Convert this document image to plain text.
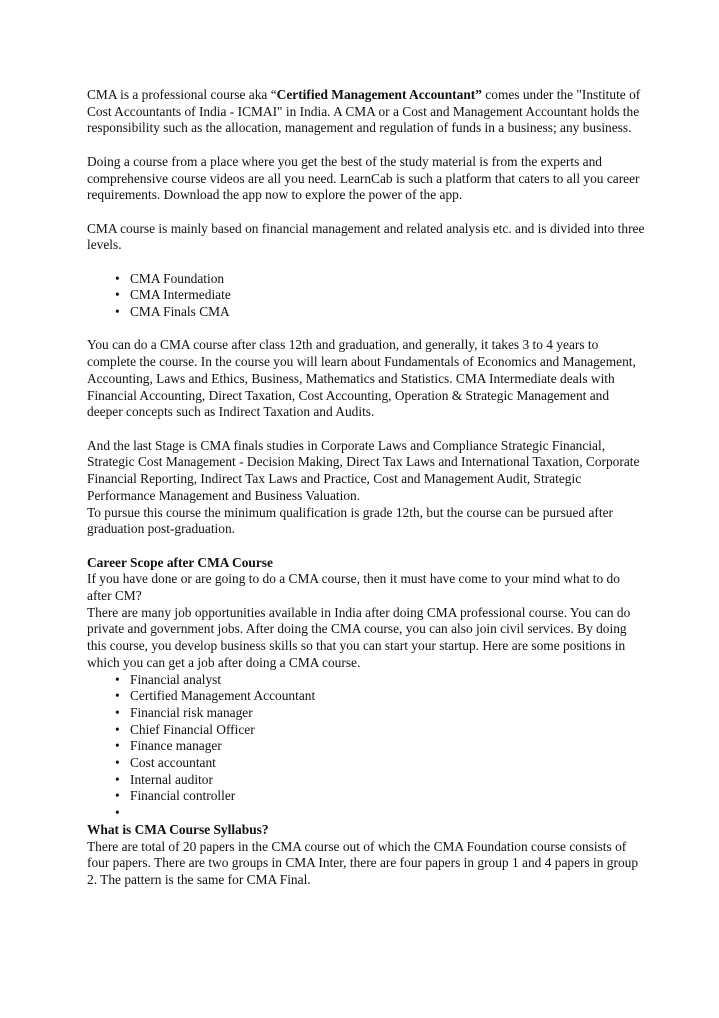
CMA is a professional course aka “Certified Management Accountant” comes under the "Institute of Cost Accountants of India - ICMAI" in India. A CMA or a Cost and Management Accountant holds the responsibility such as the allocation, management and regulation of funds in a business; any business.

Doing a course from a place where you get the best of the study material is from the experts and comprehensive course videos are all you need. LearnCab is such a platform that caters to all you career requirements. Download the app now to explore the power of the app.

CMA course is mainly based on financial management and related analysis etc. and is divided into three levels.

• CMA Foundation
• CMA Intermediate
• CMA Finals CMA

You can do a CMA course after class 12th and graduation, and generally, it takes 3 to 4 years to complete the course. In the course you will learn about Fundamentals of Economics and Management, Accounting, Laws and Ethics, Business, Mathematics and Statistics. CMA Intermediate deals with Financial Accounting, Direct Taxation, Cost Accounting, Operation & Strategic Management and deeper concepts such as Indirect Taxation and Audits.

And the last Stage is CMA finals studies in Corporate Laws and Compliance Strategic Financial, Strategic Cost Management - Decision Making, Direct Tax Laws and International Taxation, Corporate Financial Reporting, Indirect Tax Laws and Practice, Cost and Management Audit, Strategic Performance Management and Business Valuation.

To pursue this course the minimum qualification is grade 12th, but the course can be pursued after graduation post-graduation.

Career Scope after CMA Course

If you have done or are going to do a CMA course, then it must have come to your mind what to do after CM?

There are many job opportunities available in India after doing CMA professional course. You can do private and government jobs. After doing the CMA course, you can also join civil services. By doing this course, you develop business skills so that you can start your startup. Here are some positions in which you can get a job after doing a CMA course.

• Financial analyst
• Certified Management Accountant
• Financial risk manager
• Chief Financial Officer
• Finance manager
• Cost accountant
• Internal auditor
• Financial controller
•

What is CMA Course Syllabus?

There are total of 20 papers in the CMA course out of which the CMA Foundation course consists of four papers. There are two groups in CMA Inter, there are four papers in group 1 and 4 papers in group 2. The pattern is the same for CMA Final.
